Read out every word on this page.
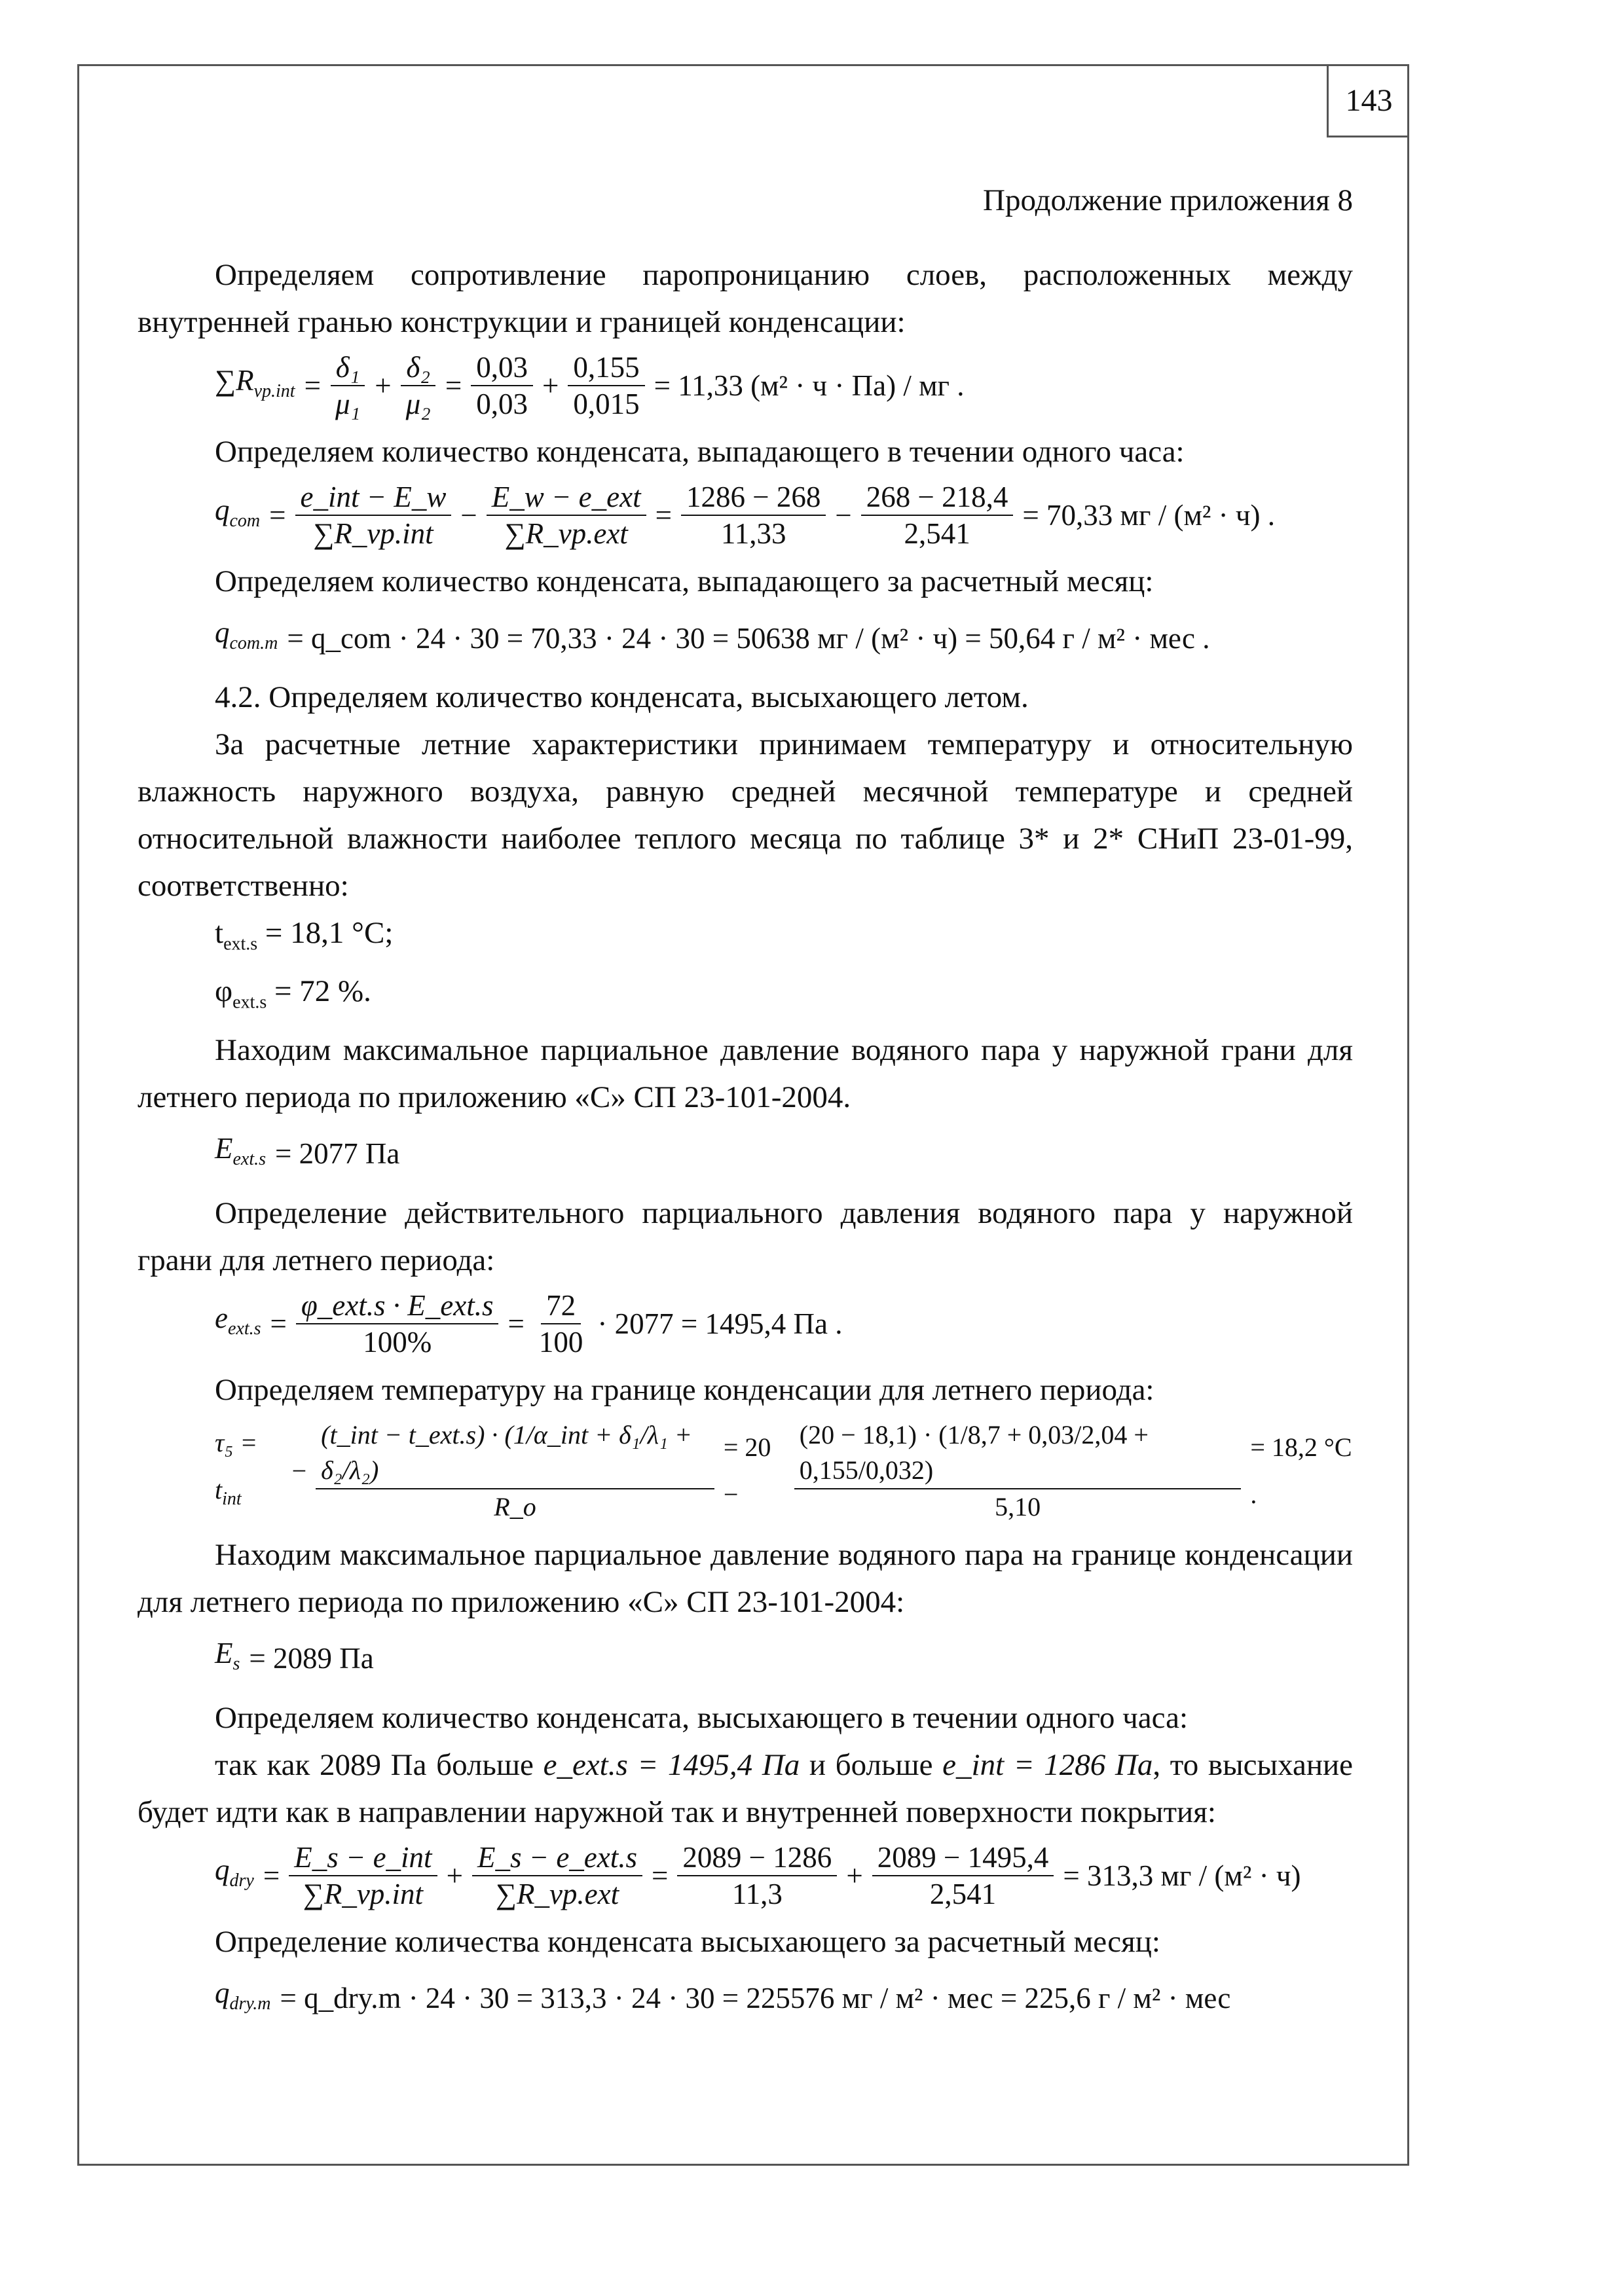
143

Продолжение приложения 8

Определяем сопротивление паропроницанию слоев, расположенных между внутренней гранью конструкции и границей конденсации:

$\sum R_{vp.int} = \frac{\text{δ₁}}{\text{μ₁}} + \frac{\text{δ₂}}{\text{μ₂}} = \frac{0,03}{0,03} + \frac{0,155}{0,015} = 11,33$ (м² · ч · Па) / мг .

Определяем количество конденсата, выпадающего в течении одного часа:

$q_{com} = \frac{\text{e\_int − E\_w}}{\text{∑R\_vp.int}} - \frac{\text{E\_w − e\_ext}}{\text{∑R\_vp.ext}} = \frac{1286 - 268}{11,33} - \frac{268 - 218,4}{2,541} = 70,33$ мг / (м² · ч) .

Определяем количество конденсата, выпадающего за расчетный месяц:

$q_{com.m}$ = q_com · 24 · 30 = 70,33 · 24 · 30 = 50638 мг / (м² · ч) = 50,64 г / м² · мес .

4.2. Определяем количество конденсата, высыхающего летом.

За расчетные летние характеристики принимаем температуру и относительную влажность наружного воздуха, равную средней месячной температуре и средней относительной влажности наиболее теплого месяца по таблице 3* и 2* СНиП 23-01-99, соответственно:

$t_{ext.s} = 18,1$ °C;

$\varphi_{ext.s} = 72$ %.

Находим максимальное парциальное давление водяного пара у наружной грани для летнего периода по приложению «С» СП 23-101-2004.

$E_{ext.s} = 2077$ Па

Определение действительного парциального давления водяного пара у наружной грани для летнего периода:

$e_{ext.s} = \frac{\text{φ\_ext.s · E\_ext.s}}{100\%} = \frac{72}{100} \cdot 2077 = 1495,4$ Па .

Определяем температуру на границе конденсации для летнего периода:

$\tau_5 = t_{int}$
− $\frac{\text{(t\_int − t\_ext.s) · (1/α\_int + δ₁/λ₁ + δ₂/λ₂)}}{R\_o} = 20$ −	$\frac{(20 - 18,1) \cdot (1/8,7 + 0,03/2,04 + 0,155/0,032)}{5,10} = 18,2$ °C .

Находим максимальное парциальное давление водяного пара на границе конденсации для летнего периода по приложению «С» СП 23-101-2004:

$E_s = 2089$ Па

Определяем количество конденсата, высыхающего в течении одного часа:

так как 2089 Па больше e_ext.s = 1495,4 Па и больше e_int = 1286 Па, то высыхание будет идти как в направлении наружной так и внутренней поверхности покрытия:

$q_{dry} = \frac{\text{E\_s − e\_int}}{\text{∑R\_vp.int}} + \frac{\text{E\_s − e\_ext.s}}{\text{∑R\_vp.ext}} = \frac{2089 - 1286}{11,3} + \frac{2089 - 1495,4}{2,541} = 313,3$ мг / (м² · ч)

Определение количества конденсата высыхающего за расчетный месяц:

$q_{dry.m}$ = q_dry.m · 24 · 30 = 313,3 · 24 · 30 = 225576 мг / м² · мес = 225,6 г / м² · мес
